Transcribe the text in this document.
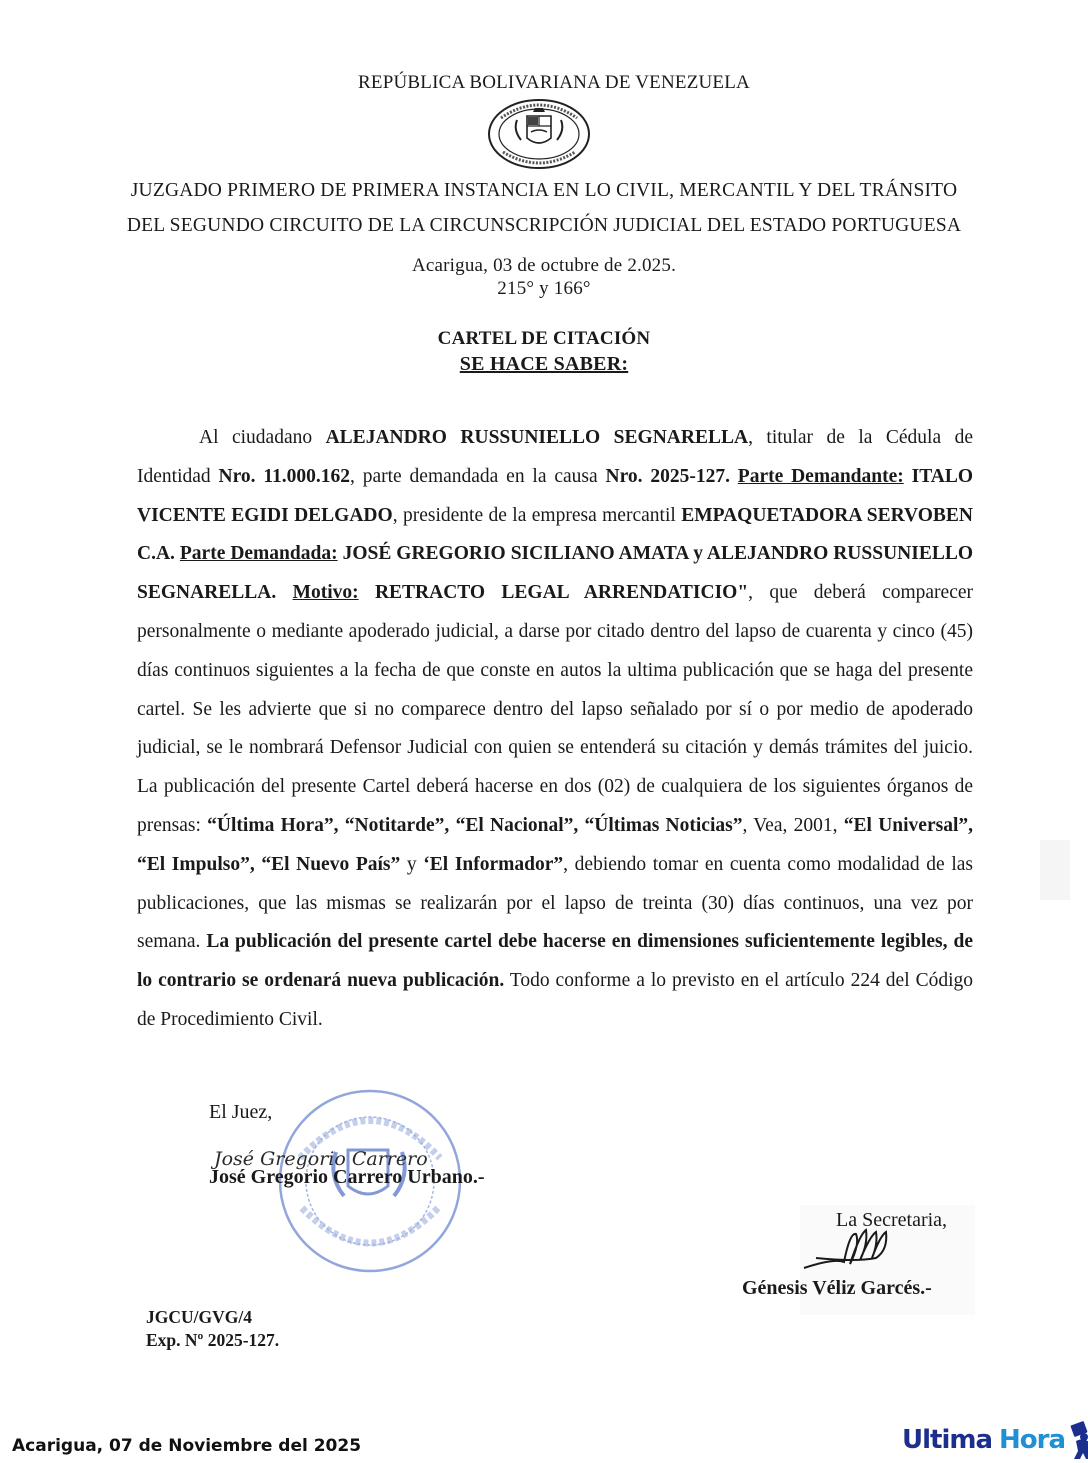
REPÚBLICA BOLIVARIANA DE VENEZUELA
JUZGADO PRIMERO DE PRIMERA INSTANCIA EN LO CIVIL, MERCANTIL Y DEL TRÁNSITO
DEL SEGUNDO CIRCUITO DE LA CIRCUNSCRIPCIÓN JUDICIAL DEL ESTADO PORTUGUESA
Acarigua, 03 de octubre de 2.025.
215° y 166°
CARTEL DE CITACIÓN
SE HACE SABER:
Al ciudadano ALEJANDRO RUSSUNIELLO SEGNARELLA, titular de la Cédula de Identidad Nro. 11.000.162, parte demandada en la causa Nro. 2025-127. Parte Demandante: ITALO VICENTE EGIDI DELGADO, presidente de la empresa mercantil EMPAQUETADORA SERVOBEN C.A. Parte Demandada: JOSÉ GREGORIO SICILIANO AMATA y ALEJANDRO RUSSUNIELLO SEGNARELLA. Motivo: RETRACTO LEGAL ARRENDATICIO", que deberá comparecer personalmente o mediante apoderado judicial, a darse por citado dentro del lapso de cuarenta y cinco (45) días continuos siguientes a la fecha de que conste en autos la ultima publicación que se haga del presente cartel. Se les advierte que si no comparece dentro del lapso señalado por sí o por medio de apoderado judicial, se le nombrará Defensor Judicial con quien se entenderá su citación y demás trámites del juicio. La publicación del presente Cartel deberá hacerse en dos (02) de cualquiera de los siguientes órganos de prensas: “Última Hora”, “Notitarde”, “El Nacional”, “Últimas Noticias”, Vea, 2001, “El Universal”, “El Impulso”, “El Nuevo País” y ‘El Informador”, debiendo tomar en cuenta como modalidad de las publicaciones, que las mismas se realizarán por el lapso de treinta (30) días continuos, una vez por semana. La publicación del presente cartel debe hacerse en dimensiones suficientemente legibles, de lo contrario se ordenará nueva publicación. Todo conforme a lo previsto en el artículo 224 del Código de Procedimiento Civil.
El Juez,
José Gregorio Carrero
José Gregorio Carrero Urbano.-
La Secretaria,
Génesis Véliz Garcés.-
JGCU/GVG/4
Exp. Nº 2025-127.
Acarigua, 07 de Noviembre del 2025	Ultima Hora
